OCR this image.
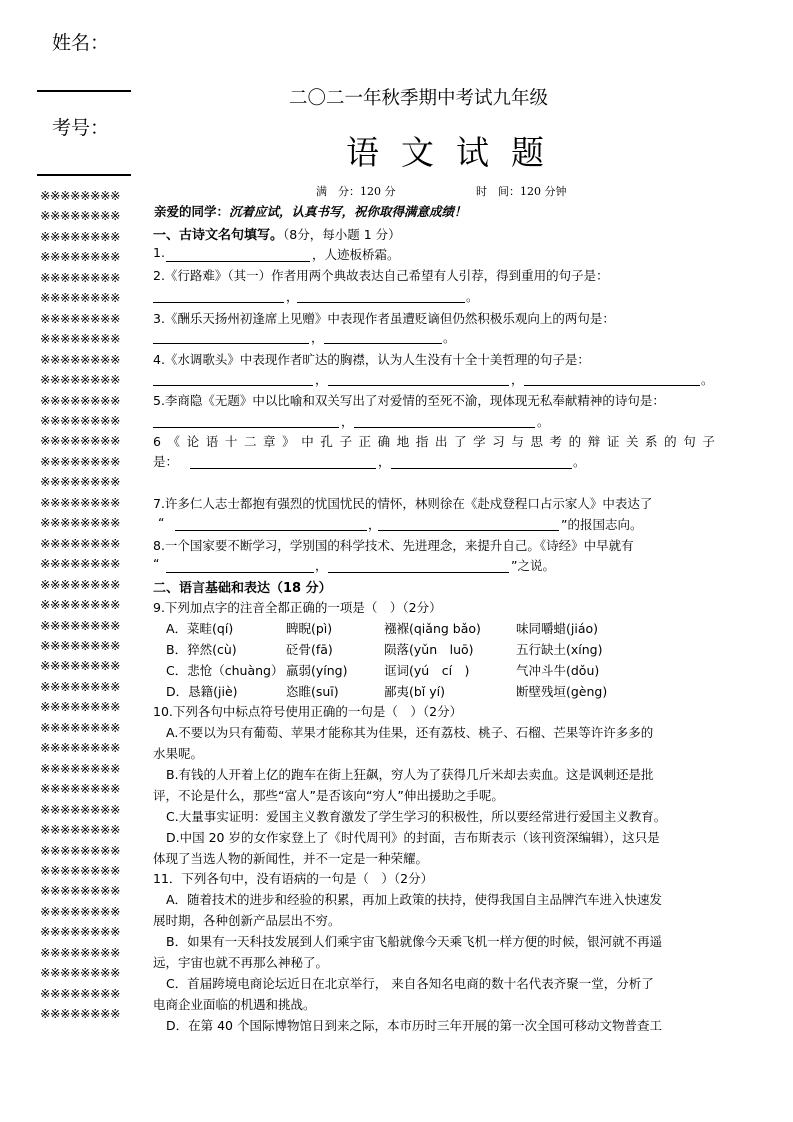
姓名：
考号：
※※※※※※※※
※※※※※※※※
※※※※※※※※
※※※※※※※※
※※※※※※※※
※※※※※※※※
※※※※※※※※
※※※※※※※※
※※※※※※※※
※※※※※※※※
※※※※※※※※
※※※※※※※※
※※※※※※※※
※※※※※※※※
※※※※※※※※
※※※※※※※※
※※※※※※※※
※※※※※※※※
※※※※※※※※
※※※※※※※※
※※※※※※※※
※※※※※※※※
※※※※※※※※
※※※※※※※※
※※※※※※※※
※※※※※※※※
※※※※※※※※
※※※※※※※※
※※※※※※※※
※※※※※※※※
※※※※※※※※
※※※※※※※※
※※※※※※※※
※※※※※※※※
※※※※※※※※
※※※※※※※※
※※※※※※※※
※※※※※※※※
※※※※※※※※
※※※※※※※※
※※※※※※※※
二〇二一年秋季期中考试九年级
语文试题
满　分：120 分	时　间：120 分钟
亲爱的同学：沉着应试，认真书写，祝你取得满意成绩！
一、古诗文名句填写。（8分，每小题 1 分）
1.	，人迹板桥霜。
2.《行路难》（其一）作者用两个典故表达自己希望有人引荐，得到重用的句子是：
，	。
3.《酬乐天扬州初逢席上见赠》中表现作者虽遭贬谪但仍然积极乐观向上的两句是：
，	。
4.《水调歌头》中表现作者旷达的胸襟，认为人生没有十全十美哲理的句子是：
，	，	。
5.李商隐《无题》中以比喻和双关写出了对爱情的至死不渝，现体现无私奉献精神的诗句是：
，	。
6《论语十二章》中孔子正确地指出了学习与思考的辩证关系的句子
是：	，	。
7.许多仁人志士都抱有强烈的忧国忧民的情怀，林则徐在《赴戍登程口占示家人》中表达了
“	，	”的报国志向。
8.一个国家要不断学习，学别国的科学技术、先进理念，来提升自己。《诗经》中早就有
“	，	”之说。
二、语言基础和表达（18 分）
9.下列加点字的注音全都正确的一项是（　）（2分）
A．菜畦(qí)	睥睨(pì)	襁褓(qiǎng bǎo)	味同嚼蜡(jiáo)
B．猝然(cù)	砭骨(fā)	陨落(yǔn　luō)	五行缺土(xíng)
C．悲怆（chuàng） 羸弱(yíng)	诓词(yú　cí　)	气冲斗牛(dǒu)
D．恳籍(jiè)	恣睢(suī)	鄙夷(bǐ yí)	断壁残垣(gèng)
10.下列各句中标点符号使用正确的一句是（　）（2分）
A.不要以为只有葡萄、苹果才能称其为佳果，还有荔枝、桃子、石榴、芒果等许许多多的
水果呢。
B.有钱的人开着上亿的跑车在街上狂飙，穷人为了获得几斤米却去卖血。这是讽刺还是批
评，不论是什么，那些“富人”是否该向“穷人”伸出援助之手呢。
C.大量事实证明：爱国主义教育激发了学生学习的积极性，所以要经常进行爱国主义教育。
D.中国 20 岁的女作家登上了《时代周刊》的封面，吉布斯表示（该刊资深编辑），这只是
体现了当选人物的新闻性，并不一定是一种荣耀。
11．下列各句中，没有语病的一句是（　）（2分）
A．随着技术的进步和经验的积累，再加上政策的扶持，使得我国自主品牌汽车进入快速发
展时期，各种创新产品层出不穷。
B．如果有一天科技发展到人们乘宇宙飞船就像今天乘飞机一样方便的时候，银河就不再遥
远，宇宙也就不再那么神秘了。
C．首届跨境电商论坛近日在北京举行， 来自各知名电商的数十名代表齐聚一堂，分析了
电商企业面临的机遇和挑战。
D．在第 40 个国际博物馆日到来之际，本市历时三年开展的第一次全国可移动文物普查工
